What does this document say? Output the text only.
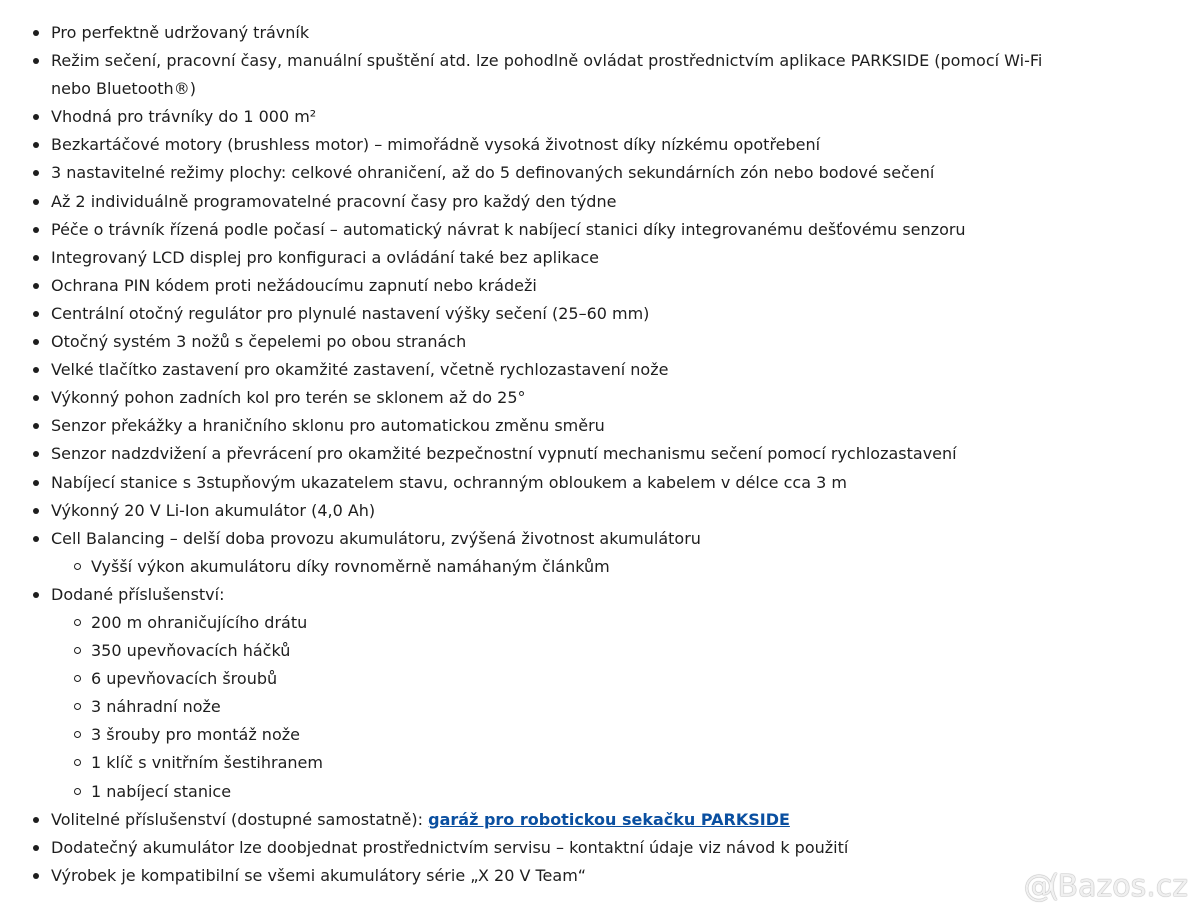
Pro perfektně udržovaný trávník
Režim sečení, pracovní časy, manuální spuštění atd. lze pohodlně ovládat prostřednictvím aplikace PARKSIDE (pomocí Wi-Fi nebo Bluetooth®)
Vhodná pro trávníky do 1 000 m²
Bezkartáčové motory (brushless motor) – mimořádně vysoká životnost díky nízkému opotřebení
3 nastavitelné režimy plochy: celkové ohraničení, až do 5 definovaných sekundárních zón nebo bodové sečení
Až 2 individuálně programovatelné pracovní časy pro každý den týdne
Péče o trávník řízená podle počasí – automatický návrat k nabíjecí stanici díky integrovanému dešťovému senzoru
Integrovaný LCD displej pro konfiguraci a ovládání také bez aplikace
Ochrana PIN kódem proti nežádoucímu zapnutí nebo krádeži
Centrální otočný regulátor pro plynulé nastavení výšky sečení (25–60 mm)
Otočný systém 3 nožů s čepelemi po obou stranách
Velké tlačítko zastavení pro okamžité zastavení, včetně rychlozastavení nože
Výkonný pohon zadních kol pro terén se sklonem až do 25°
Senzor překážky a hraničního sklonu pro automatickou změnu směru
Senzor nadzdvižení a převrácení pro okamžité bezpečnostní vypnutí mechanismu sečení pomocí rychlozastavení
Nabíjecí stanice s 3stupňovým ukazatelem stavu, ochranným obloukem a kabelem v délce cca 3 m
Výkonný 20 V Li-Ion akumulátor (4,0 Ah)
Cell Balancing – delší doba provozu akumulátoru, zvýšená životnost akumulátoru
Vyšší výkon akumulátoru díky rovnoměrně namáhaným článkům
Dodané příslušenství:
200 m ohraničujícího drátu
350 upevňovacích háčků
6 upevňovacích šroubů
3 náhradní nože
3 šrouby pro montáž nože
1 klíč s vnitřním šestihranem
1 nabíjecí stanice
Volitelné příslušenství (dostupné samostatně): garáž pro robotickou sekačku PARKSIDE
Dodatečný akumulátor lze doobjednat prostřednictvím servisu – kontaktní údaje viz návod k použití
Výrobek je kompatibilní se všemi akumulátory série „X 20 V Team“	@( Bazos.cz
